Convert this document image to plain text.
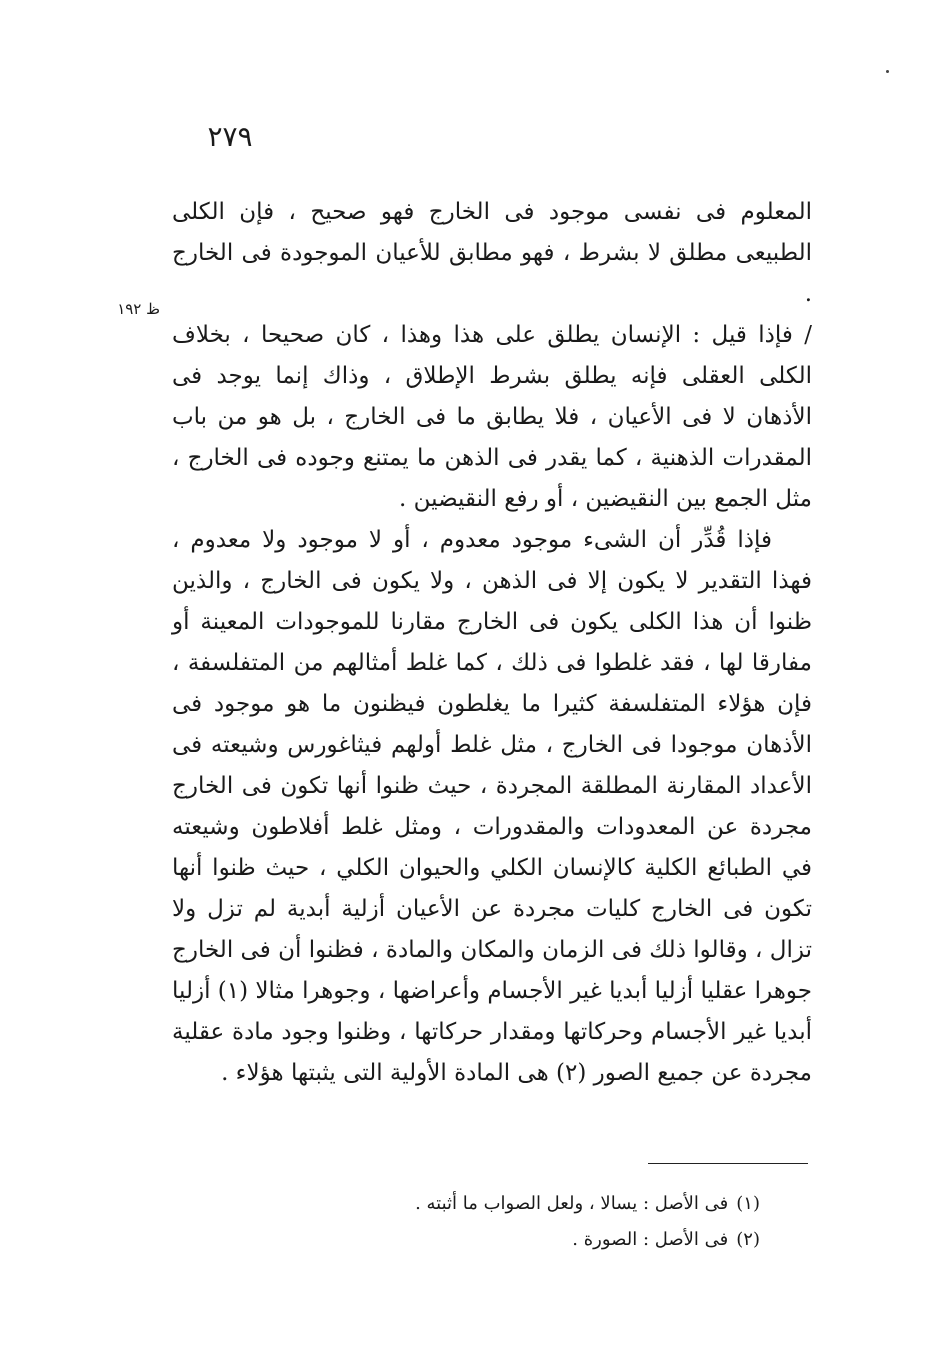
٢٧٩
ظ ١٩٢

المعلوم فى نفسى موجود فى الخارج فهو صحيح ، فإن الكلى الطبيعى مطلق لا بشرط ، فهو مطابق للأعيان الموجودة فى الخارج .

/ فإذا قيل : الإنسان يطلق على هذا وهذا ، كان صحيحا ، بخلاف الكلى العقلى فإنه يطلق بشرط الإطلاق ، وذاك إنما يوجد فى الأذهان لا فى الأعيان ، فلا يطابق ما فى الخارج ، بل هو من باب المقدرات الذهنية ، كما يقدر فى الذهن ما يمتنع وجوده فى الخارج ، مثل الجمع بين النقيضين ، أو رفع النقيضين .

فإذا قُدِّر أن الشىء موجود معدوم ، أو لا موجود ولا معدوم ، فهذا التقدير لا يكون إلا فى الذهن ، ولا يكون فى الخارج ، والذين ظنوا أن هذا الكلى يكون فى الخارج مقارنا للموجودات المعينة أو مفارقا لها ، فقد غلطوا فى ذلك ، كما غلط أمثالهم من المتفلسفة ، فإن هؤلاء المتفلسفة كثيرا ما يغلطون فيظنون ما هو موجود فى الأذهان موجودا فى الخارج ، مثل غلط أولهم فيثاغورس وشيعته فى الأعداد المقارنة المطلقة المجردة ، حيث ظنوا أنها تكون فى الخارج مجردة عن المعدودات والمقدورات ، ومثل غلط أفلاطون وشيعته في الطبائع الكلية كالإنسان الكلي والحيوان الكلي ، حيث ظنوا أنها تكون فى الخارج كليات مجردة عن الأعيان أزلية أبدية لم تزل ولا تزال ، وقالوا ذلك فى الزمان والمكان والمادة ، فظنوا أن فى الخارج جوهرا عقليا أزليا أبديا غير الأجسام وأعراضها ، وجوهرا مثالا (١) أزليا أبديا غير الأجسام وحركاتها ومقدار حركاتها ، وظنوا وجود مادة عقلية مجردة عن جميع الصور (٢) هى المادة الأولية التى يثبتها هؤلاء .

(١)فى الأصل : يسالا ، ولعل الصواب ما أثبته .

(٢)فى الأصل : الصورة .
